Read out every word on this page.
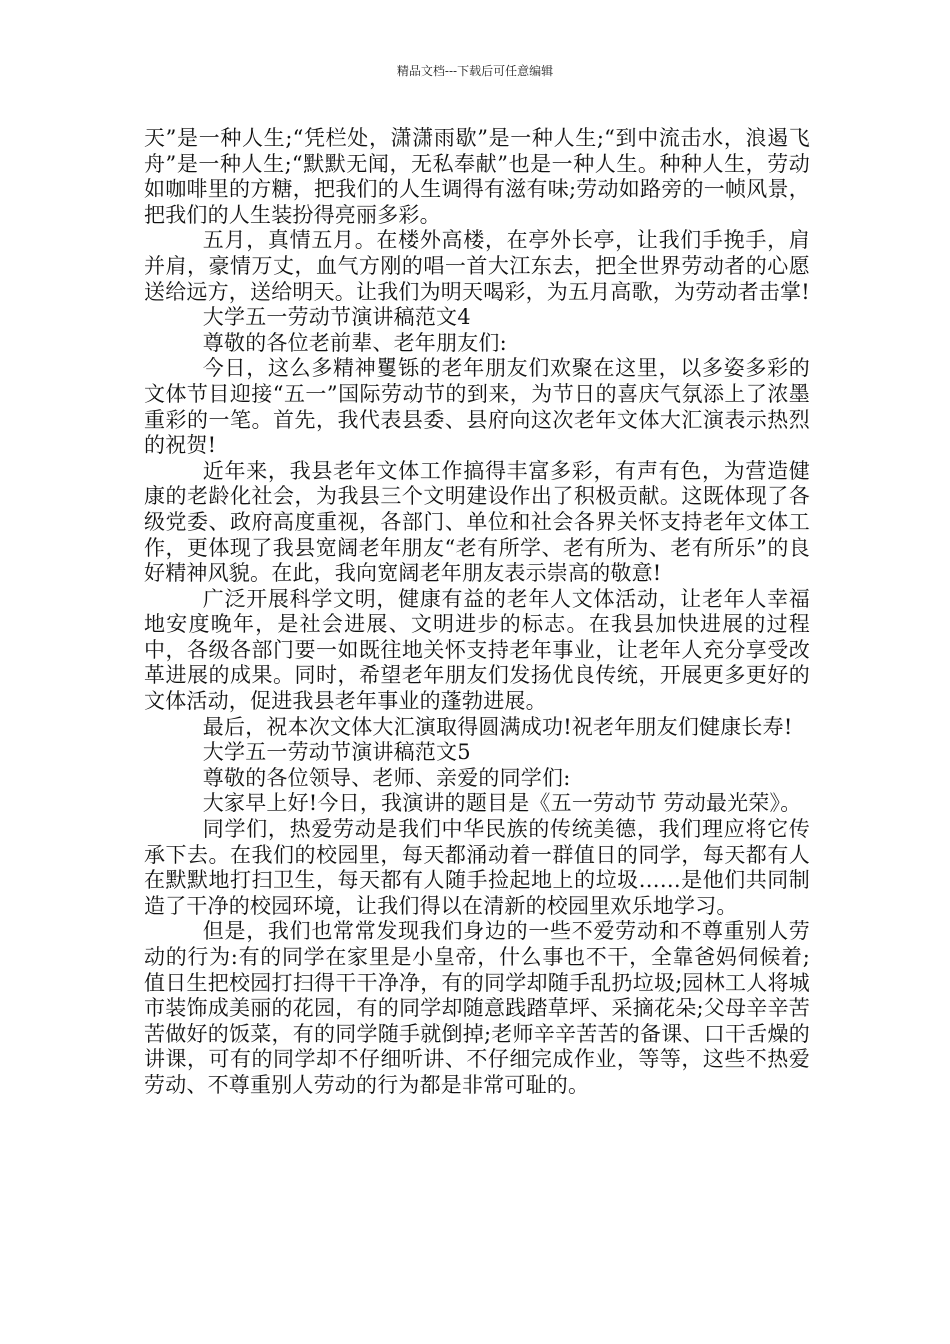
精品文档---下载后可任意编辑

天”是一种人生;“凭栏处，潇潇雨歇”是一种人生;“到中流击水，浪遏飞舟”是一种人生;“默默无闻，无私奉献”也是一种人生。种种人生，劳动如咖啡里的方糖，把我们的人生调得有滋有味;劳动如路旁的一帧风景，把我们的人生装扮得亮丽多彩。

五月，真情五月。在楼外高楼，在亭外长亭，让我们手挽手，肩并肩，豪情万丈，血气方刚的唱一首大江东去，把全世界劳动者的心愿送给远方，送给明天。让我们为明天喝彩，为五月高歌，为劳动者击掌!

大学五一劳动节演讲稿范文4

尊敬的各位老前辈、老年朋友们:

今日，这么多精神矍铄的老年朋友们欢聚在这里，以多姿多彩的文体节目迎接“五一”国际劳动节的到来，为节日的喜庆气氛添上了浓墨重彩的一笔。首先，我代表县委、县府向这次老年文体大汇演表示热烈的祝贺!

近年来，我县老年文体工作搞得丰富多彩，有声有色，为营造健康的老龄化社会，为我县三个文明建设作出了积极贡献。这既体现了各级党委、政府高度重视，各部门、单位和社会各界关怀支持老年文体工作，更体现了我县宽阔老年朋友“老有所学、老有所为、老有所乐”的良好精神风貌。在此，我向宽阔老年朋友表示崇高的敬意!

广泛开展科学文明，健康有益的老年人文体活动，让老年人幸福地安度晚年，是社会进展、文明进步的标志。在我县加快进展的过程中，各级各部门要一如既往地关怀支持老年事业，让老年人充分享受改革进展的成果。同时，希望老年朋友们发扬优良传统，开展更多更好的文体活动，促进我县老年事业的蓬勃进展。

最后，祝本次文体大汇演取得圆满成功!祝老年朋友们健康长寿!

大学五一劳动节演讲稿范文5

尊敬的各位领导、老师、亲爱的同学们:

大家早上好!今日，我演讲的题目是《五一劳动节 劳动最光荣》。

同学们，热爱劳动是我们中华民族的传统美德，我们理应将它传承下去。在我们的校园里，每天都涌动着一群值日的同学，每天都有人在默默地打扫卫生，每天都有人随手捡起地上的垃圾……是他们共同制造了干净的校园环境，让我们得以在清新的校园里欢乐地学习。

但是，我们也常常发现我们身边的一些不爱劳动和不尊重别人劳动的行为:有的同学在家里是小皇帝，什么事也不干，全靠爸妈伺候着;值日生把校园打扫得干干净净，有的同学却随手乱扔垃圾;园林工人将城市装饰成美丽的花园，有的同学却随意践踏草坪、采摘花朵;父母辛辛苦苦做好的饭菜，有的同学随手就倒掉;老师辛辛苦苦的备课、口干舌燥的讲课，可有的同学却不仔细听讲、不仔细完成作业，等等，这些不热爱劳动、不尊重别人劳动的行为都是非常可耻的。
